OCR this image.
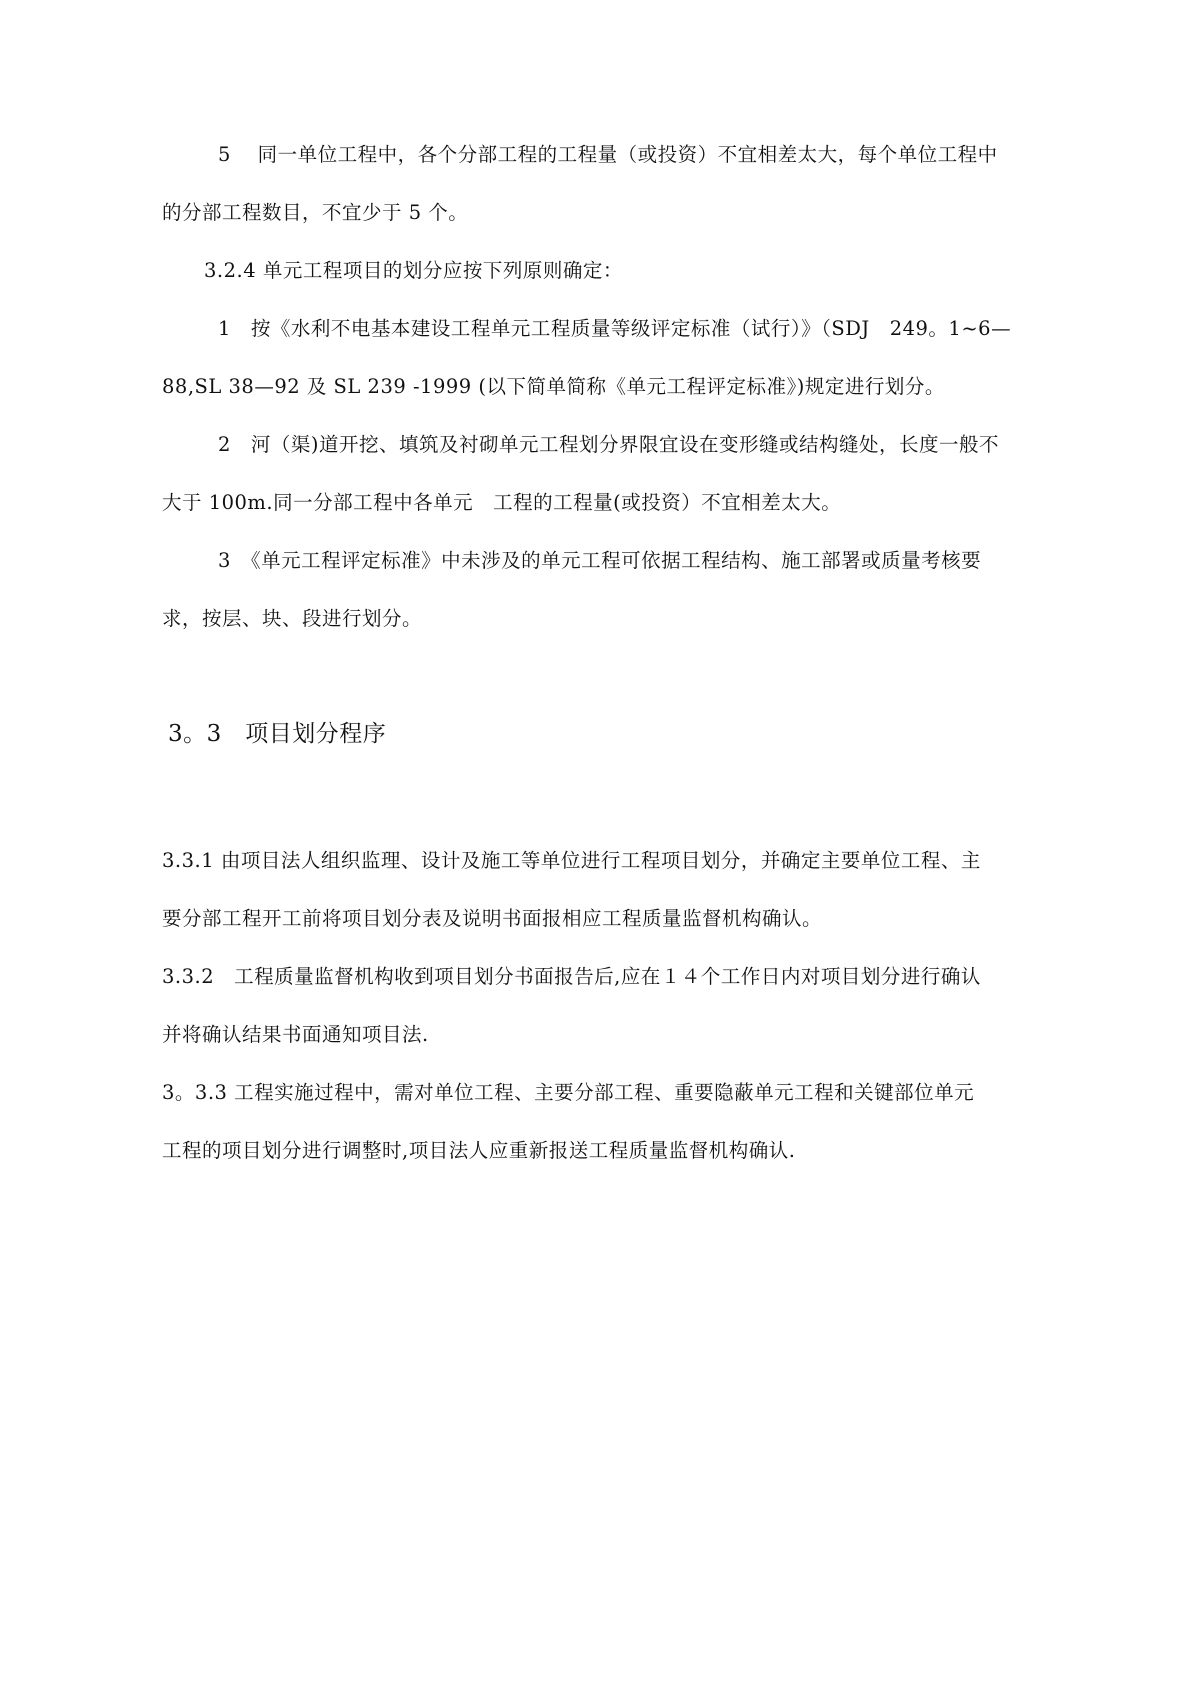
5　 同一单位工程中，各个分部工程的工程量（或投资）不宜相差太大，每个单位工程中
的分部工程数目，不宜少于 5 个。
3.2.4 单元工程项目的划分应按下列原则确定：
1　按《水利不电基本建设工程单元工程质量等级评定标准（试行）》（SDJ　249。1~6—
88,SL 38—92 及 SL 239 -1999 (以下简单简称《单元工程评定标准》)规定进行划分。
2　河（渠)道开挖、填筑及衬砌单元工程划分界限宜设在变形缝或结构缝处，长度一般不
大于 100m.同一分部工程中各单元　工程的工程量(或投资）不宜相差太大。
3　《单元工程评定标准》中未涉及的单元工程可依据工程结构、施工部署或质量考核要
求，按层、块、段进行划分。
3。3　项目划分程序
3.3.1 由项目法人组织监理、设计及施工等单位进行工程项目划分，并确定主要单位工程、主
要分部工程开工前将项目划分表及说明书面报相应工程质量监督机构确认。
3.3.2　工程质量监督机构收到项目划分书面报告后,应在１４个工作日内对项目划分进行确认
并将确认结果书面通知项目法.
3。3.3 工程实施过程中，需对单位工程、主要分部工程、重要隐蔽单元工程和关键部位单元
工程的项目划分进行调整时,项目法人应重新报送工程质量监督机构确认.
